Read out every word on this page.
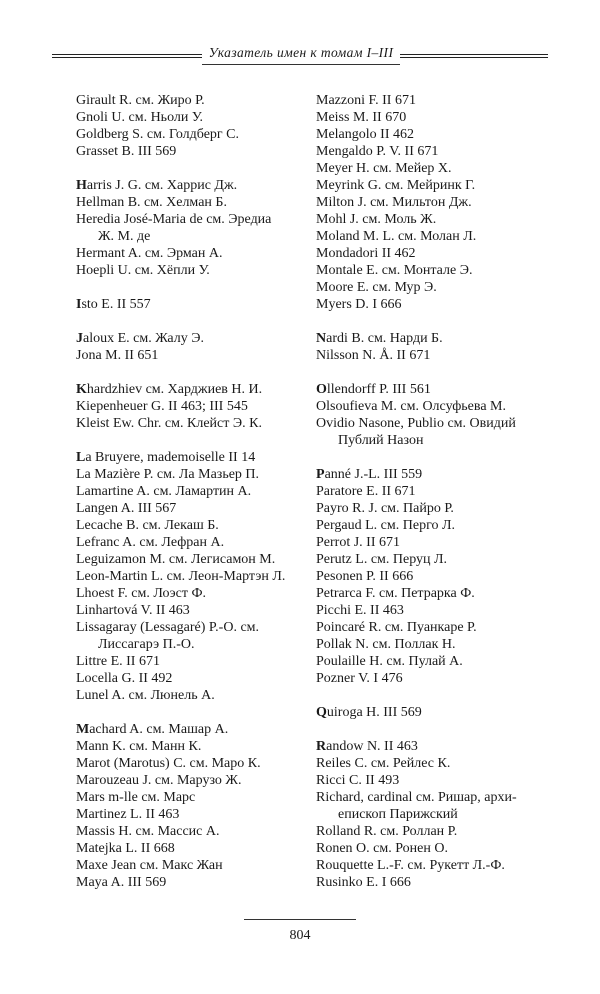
Указатель имен к томам I–III
Girault R. см. Жиро Р.
Gnoli U. см. Ньоли У.
Goldberg S. см. Голдберг С.
Grasset B. III 569
Harris J. G. см. Харрис Дж.
Hellman B. см. Хелман Б.
Heredia José-Maria de см. Эредиа
Ж. М. де
Hermant A. см. Эрман А.
Hoepli U. см. Хёпли У.
Isto E. II 557
Jaloux E. см. Жалу Э.
Jona M. II 651
Khardzhiev см. Харджиев Н. И.
Kiepenheuer G. II 463; III 545
Kleist Ew. Chr. см. Клейст Э. К.
La Bruyere, mademoiselle II 14
La Mazière P. см. Ла Мазьер П.
Lamartine A. см. Ламартин А.
Langen A. III 567
Lecache B. см. Лекаш Б.
Lefranc A. см. Лефран А.
Leguizamon M. см. Легисамон М.
Leon-Martin L. см. Леон-Мартэн Л.
Lhoest F. см. Лоэст Ф.
Linhartová V. II 463
Lissagaray (Lessagaré) P.-O. см.
Лиссагарэ П.-О.
Littre E. II 671
Locella G. II 492
Lunel A. см. Люнель А.
Machard A. см. Машар А.
Mann K. см. Манн К.
Marot (Marotus) C. см. Маро К.
Marouzeau J. см. Марузо Ж.
Mars m-lle см. Марс
Martinez L. II 463
Massis H. см. Массис А.
Matejka L. II 668
Maxe Jean см. Макс Жан
Maya A. III 569
Mazzoni F. II 671
Meiss M. II 670
Melangolo II 462
Mengaldo P. V. II 671
Meyer H. см. Мейер Х.
Meyrink G. см. Мейринк Г.
Milton J. см. Мильтон Дж.
Mohl J. см. Моль Ж.
Moland M. L. см. Молан Л.
Mondadori II 462
Montale E. см. Монтале Э.
Moore E. см. Мур Э.
Myers D. I 666
Nardi B. см. Нарди Б.
Nilsson N. Å. II 671
Ollendorff P. III 561
Olsoufieva M. см. Олсуфьева М.
Ovidio Nasone, Publio см. Овидий
Публий Назон
Panné J.-L. III 559
Paratore E. II 671
Payro R. J. см. Пайро Р.
Pergaud L. см. Перго Л.
Perrot J. II 671
Perutz L. см. Перуц Л.
Pesonen P. II 666
Petrarca F. см. Петрарка Ф.
Picchi E. II 463
Poincaré R. см. Пуанкаре Р.
Pollak N. см. Поллак Н.
Poulaille H. см. Пулай А.
Pozner V. I 476
Quiroga H. III 569
Randow N. II 463
Reiles C. см. Рейлес К.
Ricci C. II 493
Richard, cardinal см. Ришар, архи-
епископ Парижский
Rolland R. см. Роллан Р.
Ronen O. см. Ронен О.
Rouquette L.-F. см. Рукетт Л.-Ф.
Rusinko E. I 666
804
